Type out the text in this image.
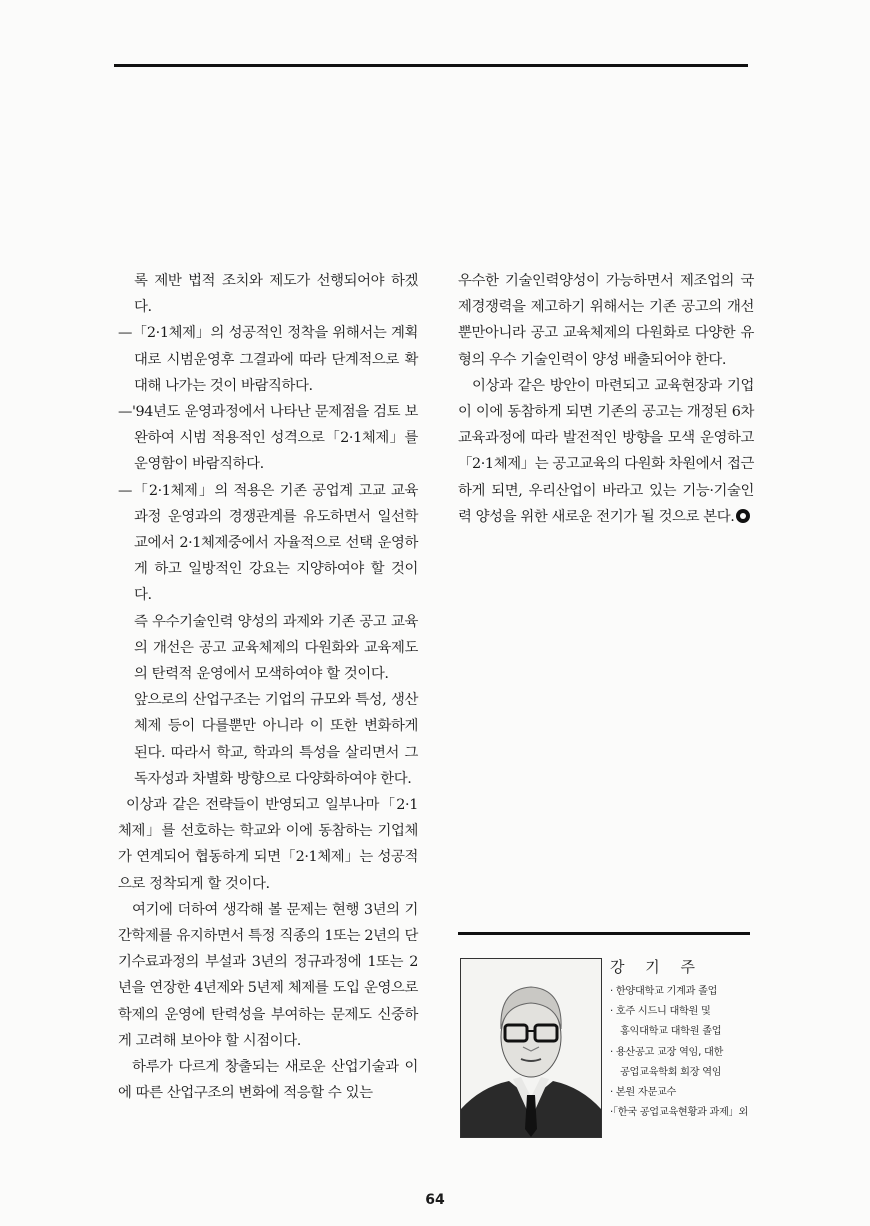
록 제반 법적 조치와 제도가 선행되어야 하겠다.

—「2·1체제」의 성공적인 정착을 위해서는 계획대로 시범운영후 그결과에 따라 단계적으로 확대해 나가는 것이 바람직하다.

—'94년도 운영과정에서 나타난 문제점을 검토 보완하여 시범 적용적인 성격으로「2·1체제」를 운영함이 바람직하다.

—「2·1체제」의 적용은 기존 공업계 고교 교육과정 운영과의 경쟁관계를 유도하면서 일선학교에서 2·1체제중에서 자율적으로 선택 운영하게 하고 일방적인 강요는 지양하여야 할 것이다.

즉 우수기술인력 양성의 과제와 기존 공고 교육의 개선은 공고 교육체제의 다원화와 교육제도의 탄력적 운영에서 모색하여야 할 것이다.

앞으로의 산업구조는 기업의 규모와 특성, 생산 체제 등이 다를뿐만 아니라 이 또한 변화하게 된다. 따라서 학교, 학과의 특성을 살리면서 그 독자성과 차별화 방향으로 다양화하여야 한다.

이상과 같은 전략들이 반영되고 일부나마「2·1체제」를 선호하는 학교와 이에 동참하는 기업체가 연계되어 협동하게 되면「2·1체제」는 성공적으로 정착되게 할 것이다.

여기에 더하여 생각해 볼 문제는 현행 3년의 기간학제를 유지하면서 특정 직종의 1또는 2년의 단기수료과정의 부설과 3년의 정규과정에 1또는 2년을 연장한 4년제와 5년제 체제를 도입 운영으로 학제의 운영에 탄력성을 부여하는 문제도 신중하게 고려해 보아야 할 시점이다.

하루가 다르게 창출되는 새로운 산업기술과 이에 따른 산업구조의 변화에 적응할 수 있는

우수한 기술인력양성이 가능하면서 제조업의 국제경쟁력을 제고하기 위해서는 기존 공고의 개선뿐만아니라 공고 교육체제의 다원화로 다양한 유형의 우수 기술인력이 양성 배출되어야 한다.

이상과 같은 방안이 마련되고 교육현장과 기업이 이에 동참하게 되면 기존의 공고는 개정된 6차교육과정에 따라 발전적인 방향을 모색 운영하고「2·1체제」는 공고교육의 다원화 차원에서 접근하게 되면, 우리산업이 바라고 있는 기능·기술인력 양성을 위한 새로운 전기가 될 것으로 본다.

강 기 주
· 한양대학교 기계과 졸업
· 호주 시드니 대학원 및
홍익대학교 대학원 졸업
· 용산공고 교장 역임, 대한
공업교육학회 회장 역임
· 본원 자문교수
·「한국 공업교육현황과 과제」외
64
